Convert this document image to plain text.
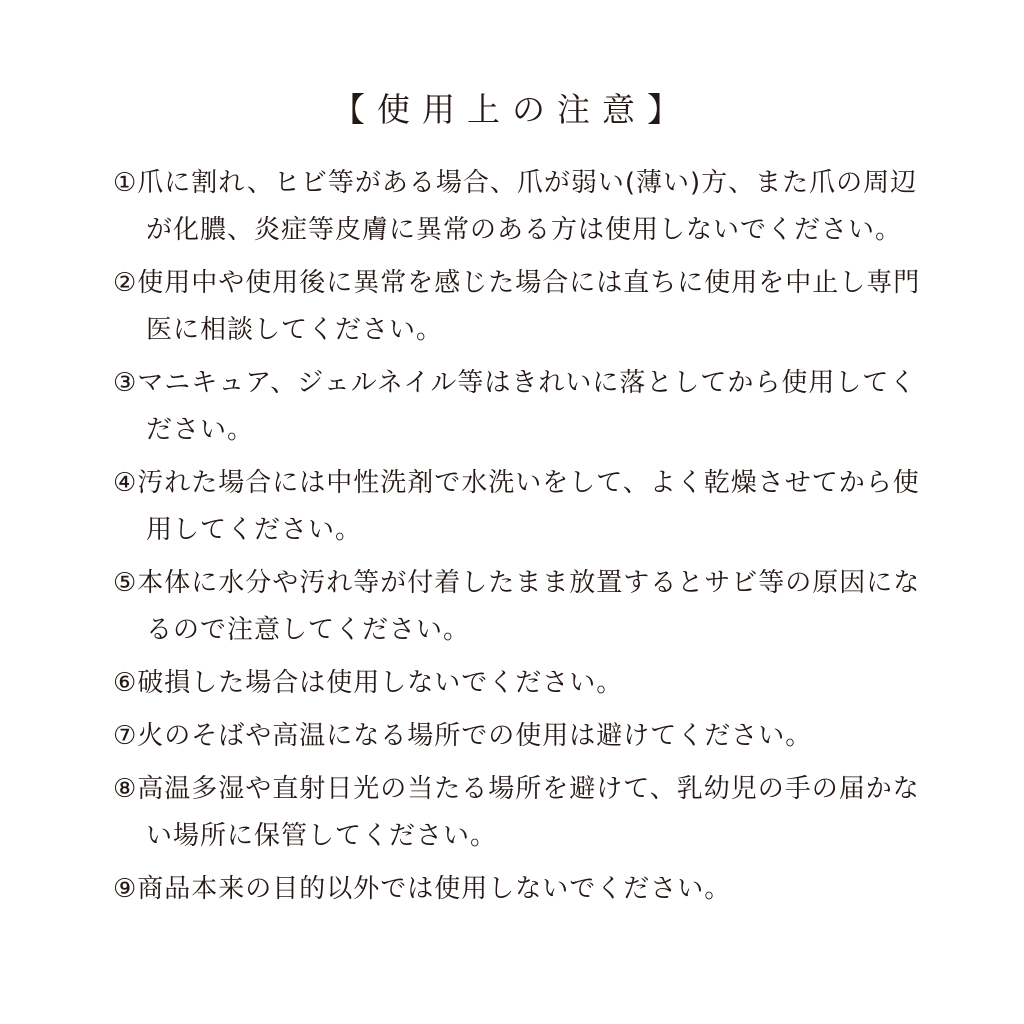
【使用上の注意】
①爪に割れ、ヒビ等がある場合、爪が弱い(薄い)方、また爪の周辺が化膿、炎症等皮膚に異常のある方は使用しないでください。
②使用中や使用後に異常を感じた場合には直ちに使用を中止し専門医に相談してください。
③マニキュア、ジェルネイル等はきれいに落としてから使用してください。
④汚れた場合には中性洗剤で水洗いをして、よく乾燥させてから使用してください。
⑤本体に水分や汚れ等が付着したまま放置するとサビ等の原因になるので注意してください。
⑥破損した場合は使用しないでください。
⑦火のそばや高温になる場所での使用は避けてください。
⑧高温多湿や直射日光の当たる場所を避けて、乳幼児の手の届かない場所に保管してください。
⑨商品本来の目的以外では使用しないでください。
